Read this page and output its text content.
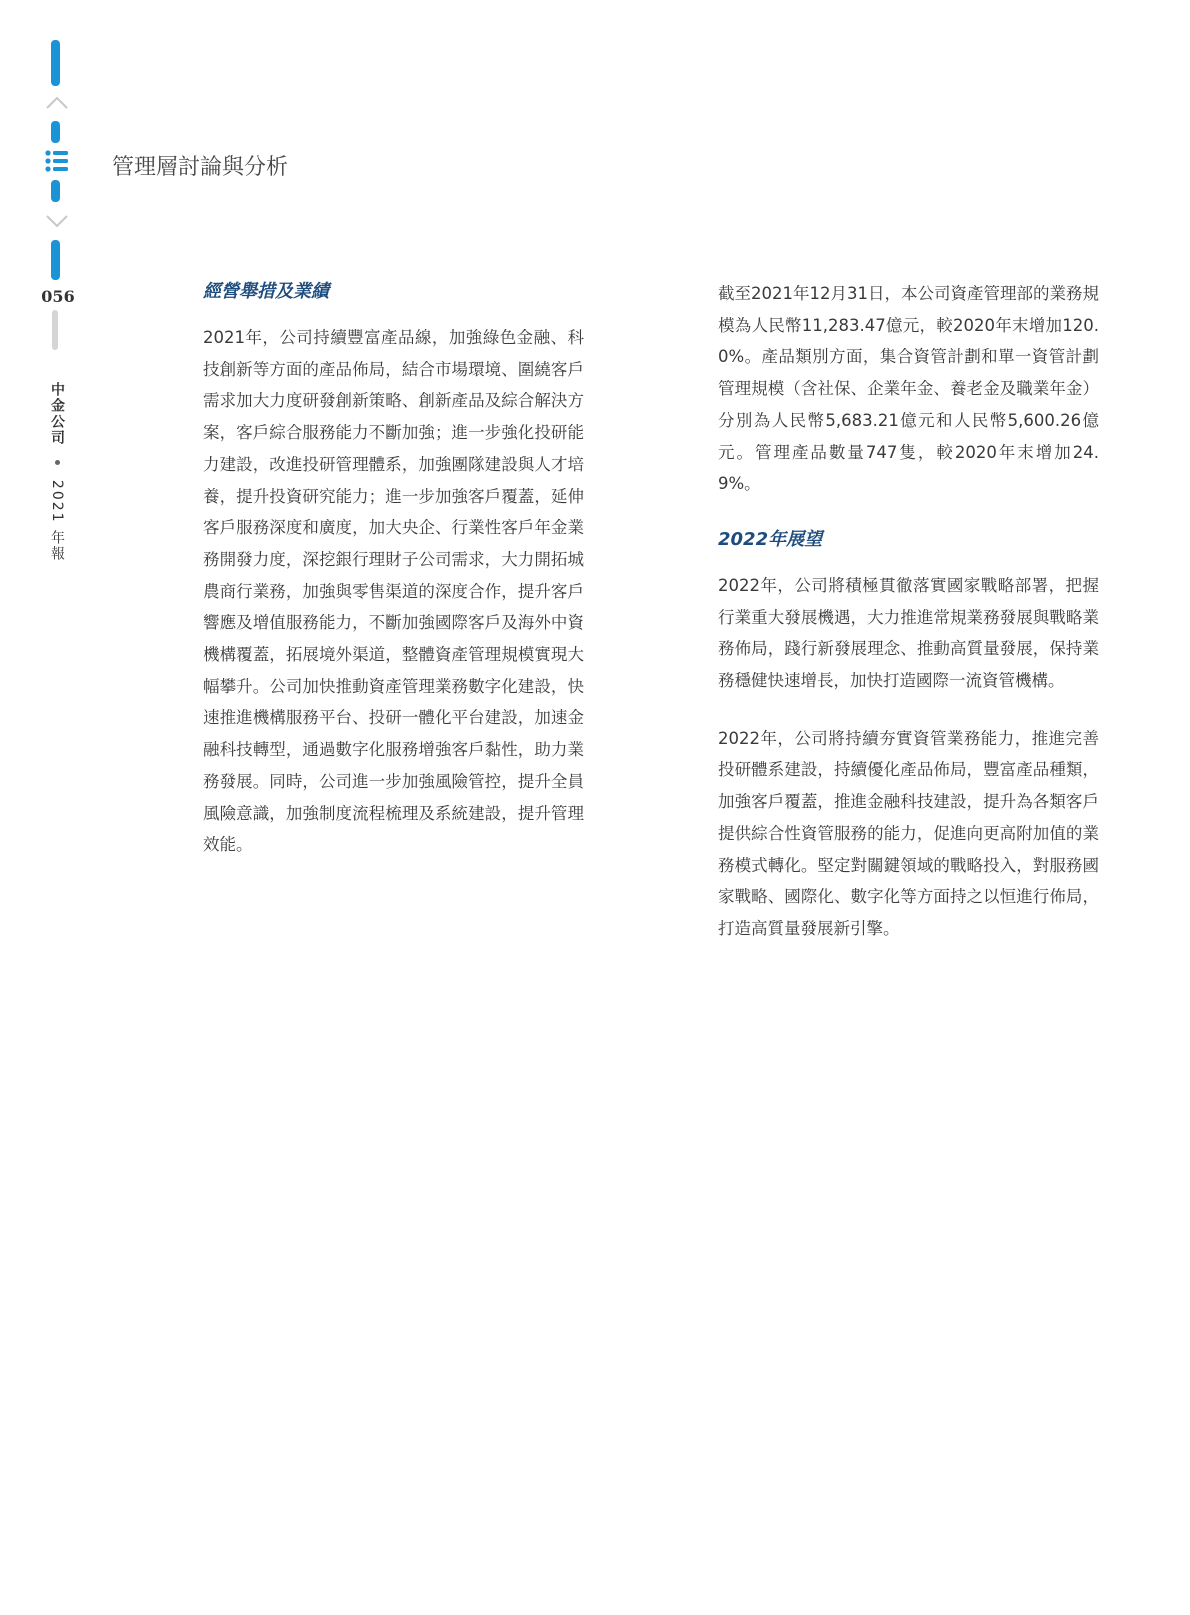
056
中金公司  2021 年報
管理層討論與分析
經營舉措及業績

2021年，公司持續豐富產品線，加強綠色金融、科技創新等方面的產品佈局，結合市場環境、圍繞客戶需求加大力度研發創新策略、創新產品及綜合解決方案，客戶綜合服務能力不斷加強；進一步強化投研能力建設，改進投研管理體系，加強團隊建設與人才培養，提升投資研究能力；進一步加強客戶覆蓋，延伸客戶服務深度和廣度，加大央企、行業性客戶年金業務開發力度，深挖銀行理財子公司需求，大力開拓城農商行業務，加強與零售渠道的深度合作，提升客戶響應及增值服務能力，不斷加強國際客戶及海外中資機構覆蓋，拓展境外渠道，整體資產管理規模實現大幅攀升。公司加快推動資產管理業務數字化建設，快速推進機構服務平台、投研一體化平台建設，加速金融科技轉型，通過數字化服務增強客戶黏性，助力業務發展。同時，公司進一步加強風險管控，提升全員風險意識，加強制度流程梳理及系統建設，提升管理效能。

截至2021年12月31日，本公司資產管理部的業務規模為人民幣11,283.47億元，較2020年末增加120.0%。產品類別方面，集合資管計劃和單一資管計劃管理規模（含社保、企業年金、養老金及職業年金）分別為人民幣5,683.21億元和人民幣5,600.26億元。管理產品數量747隻，較2020年末增加24.9%。

2022年展望

2022年，公司將積極貫徹落實國家戰略部署，把握行業重大發展機遇，大力推進常規業務發展與戰略業務佈局，踐行新發展理念、推動高質量發展，保持業務穩健快速增長，加快打造國際一流資管機構。

2022年，公司將持續夯實資管業務能力，推進完善投研體系建設，持續優化產品佈局，豐富產品種類，加強客戶覆蓋，推進金融科技建設，提升為各類客戶提供綜合性資管服務的能力，促進向更高附加值的業務模式轉化。堅定對關鍵領域的戰略投入，對服務國家戰略、國際化、數字化等方面持之以恒進行佈局，打造高質量發展新引擎。
